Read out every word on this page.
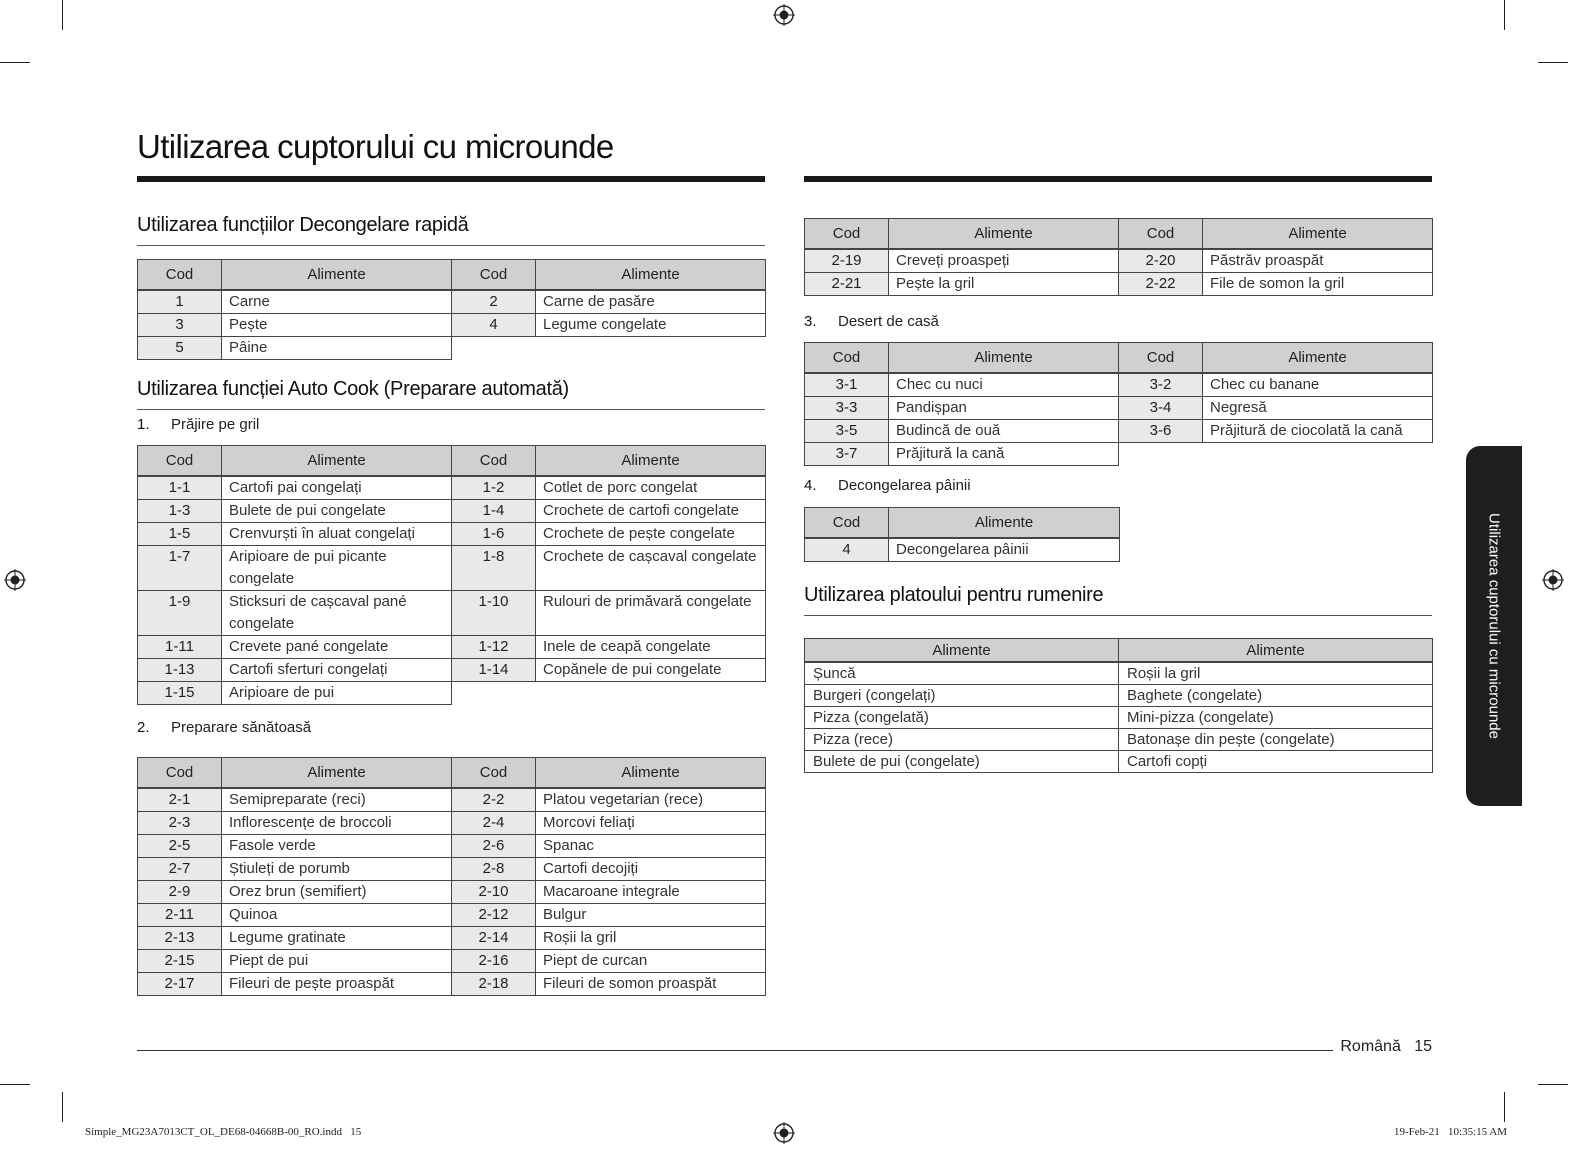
Utilizarea cuptorului cu microunde
Utilizarea funcțiilor Decongelare rapidă
Cod	Alimente	Cod	Alimente
1	Carne	2	Carne de pasăre
3	Pește	4	Legume congelate
5	Pâine		
Utilizarea funcției Auto Cook (Preparare automată)
1. Prăjire pe gril
Cod	Alimente	Cod	Alimente
1-1	Cartofi pai congelați	1-2	Cotlet de porc congelat
1-3	Bulete de pui congelate	1-4	Crochete de cartofi congelate
1-5	Crenvurști în aluat congelați	1-6	Crochete de pește congelate
1-7	Aripioare de pui picante congelate	1-8	Crochete de cașcaval congelate
1-9	Sticksuri de cașcaval pané congelate	1-10	Rulouri de primăvară congelate
1-11	Crevete pané congelate	1-12	Inele de ceapă congelate
1-13	Cartofi sferturi congelați	1-14	Copănele de pui congelate
1-15	Aripioare de pui		
2. Preparare sănătoasă
Cod	Alimente	Cod	Alimente
2-1	Semipreparate (reci)	2-2	Platou vegetarian (rece)
2-3	Inflorescențe de broccoli	2-4	Morcovi feliați
2-5	Fasole verde	2-6	Spanac
2-7	Știuleți de porumb	2-8	Cartofi decojiți
2-9	Orez brun (semifiert)	2-10	Macaroane integrale
2-11	Quinoa	2-12	Bulgur
2-13	Legume gratinate	2-14	Roșii la gril
2-15	Piept de pui	2-16	Piept de curcan
2-17	Fileuri de pește proaspăt	2-18	Fileuri de somon proaspăt
Cod	Alimente	Cod	Alimente
2-19	Creveți proaspeți	2-20	Păstrăv proaspăt
2-21	Pește la gril	2-22	File de somon la gril
3. Desert de casă
Cod	Alimente	Cod	Alimente
3-1	Chec cu nuci	3-2	Chec cu banane
3-3	Pandișpan	3-4	Negresă
3-5	Budincă de ouă	3-6	Prăjitură de ciocolată la cană
3-7	Prăjitură la cană		
4. Decongelarea pâinii
Cod	Alimente
4	Decongelarea pâinii
Utilizarea platoului pentru rumenire
Alimente	Alimente
Șuncă	Roșii la gril
Burgeri (congelați)	Baghete (congelate)
Pizza (congelată)	Mini-pizza (congelate)
Pizza (rece)	Batonașe din pește (congelate)
Bulete de pui (congelate)	Cartofi copți
Utilizarea cuptorului cu microunde
Română 15
Simple_MG23A7013CT_OL_DE68-04668B-00_RO.indd   15	19-Feb-21   10:35:15 AM
